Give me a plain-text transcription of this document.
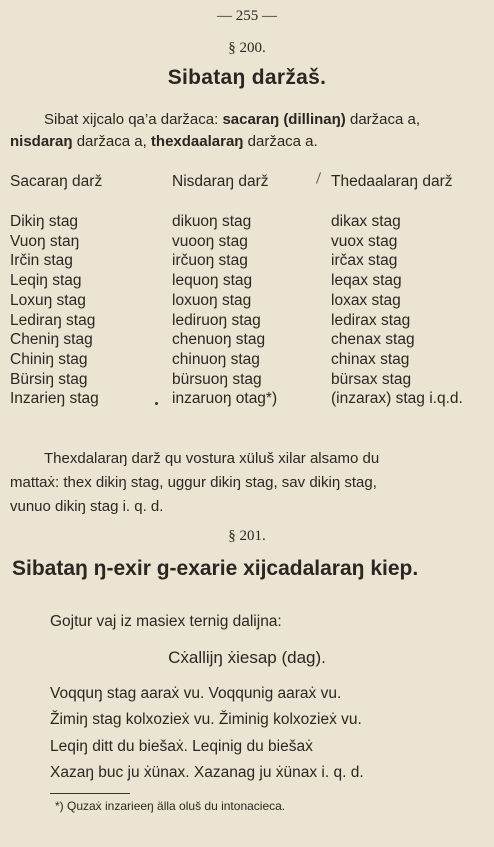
— 255 —
§ 200.
Sibataŋ daržaš.
Sibat xijcalo qa’a daržaca: sacaraŋ (dillinaŋ) daržaca a,
nisdaraŋ daržaca a, thexdaalaraŋ daržaca a.
Sacaraŋ darž	Nisdaraŋ darž	Thedaalaraŋ darž
Dikiŋ stag
Vuoŋ staŋ
Irčin stag
Leqiŋ stag
Loxuŋ stag
Lediraŋ stag
Cheniŋ stag
Chiniŋ stag
Bürsiŋ stag
Inzarieŋ stag
dikuoŋ stag
vuooŋ stag
irčuoŋ stag
lequoŋ stag
loxuoŋ stag
lediruoŋ stag
chenuoŋ stag
chinuoŋ stag
bürsuoŋ stag
inzaruoŋ otag*)
dikax stag
vuox stag
irčax stag
leqax stag
loxax stag
ledirax stag
chenax stag
chinax stag
bürsax stag
(inzarax) stag i.q.d.
Thexdalaraŋ darž qu vostura xüluš xilar alsamo du
mattaẋ: thex dikiŋ stag, uggur dikiŋ stag, sav dikiŋ stag,
vunuo dikiŋ stag i. q. d.
§ 201.
Sibataŋ ŋ-exir g-exarie xijcadalaraŋ kiep.
Gojtur vaj iz masiex ternig dalijna:
Cẋallijŋ ẋiesap (dag).
Voqquŋ stag aaraẋ vu. Voqqunig aaraẋ vu.
Žimiŋ stag kolxozieẋ vu. Žiminig kolxozieẋ vu.
Leqiŋ ditt du biešaẋ. Leqinig du biešaẋ
Xazaŋ buc ju ẋünax. Xazanag ju ẋünax i. q. d.
*) Quzaẋ inzarieeŋ älla oluš du intonacieca.
